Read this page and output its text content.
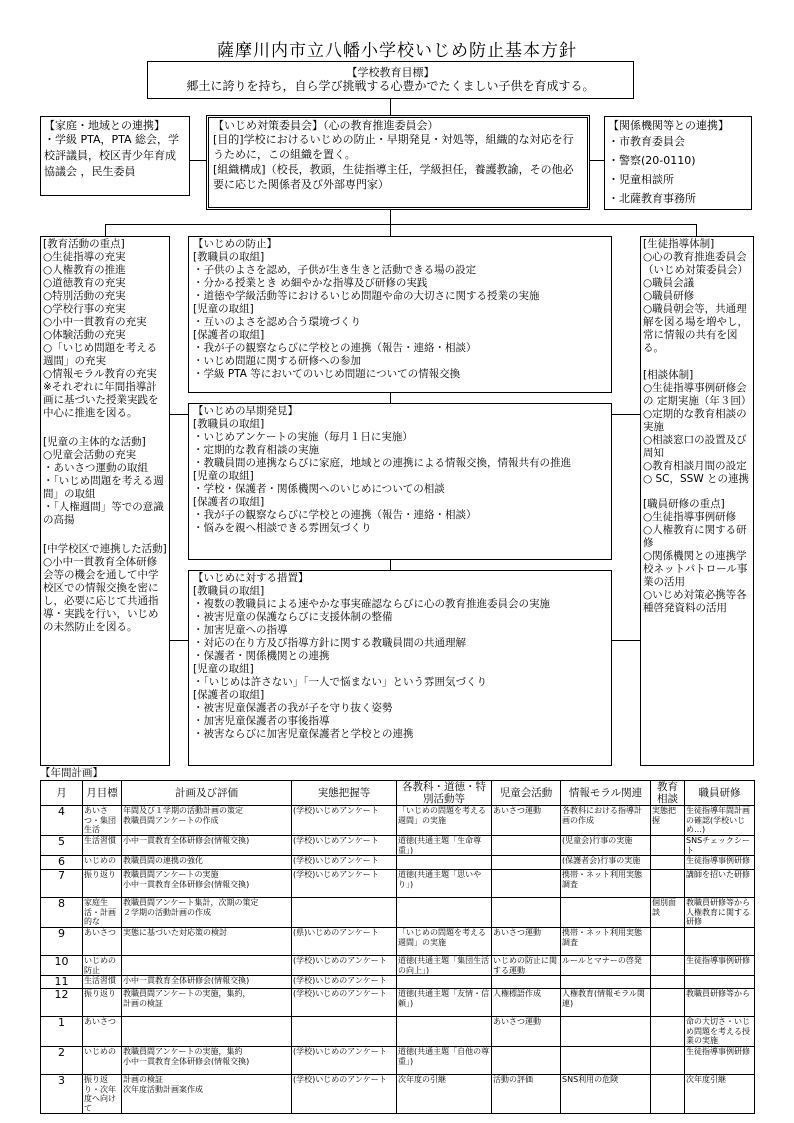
薩摩川内市立八幡小学校いじめ防止基本方針
【学校教育目標】
郷土に誇りを持ち，自ら学び挑戦する心豊かでたくましい子供を育成する。
【家庭・地域との連携】
・学級 PTA，PTA 総会，学校評議員，校区青少年育成協議会 ，民生委員
【いじめ対策委員会】（心の教育推進委員会）
[目的]学校におけるいじめの防止・早期発見・対処等，組織的な対応を行うために，この組織を置く。
[組織構成]（校長，教頭，生徒指導主任，学級担任，養護教諭，その他必要に応じた関係者及び外部専門家）
【関係機関等との連携】
・市教育委員会
・警察(20-0110)
・児童相談所
・北薩教育事務所
[教育活動の重点]
○生徒指導の充実
○人権教育の推進
○道徳教育の充実
○特別活動の充実
○学校行事の充実
○小中一貫教育の充実
○体験活動の充実
○「いじめ問題を考える週間」の充実
○情報モラル教育の充実
※それぞれに年間指導計画に基づいた授業実践を中心に推進を図る。
[児童の主体的な活動]
○児童会活動の充実
・あいさつ運動の取組
・「いじめ問題を考える週間」の取組
・「人権週間」等での意識の高揚
[中学校区で連携した活動]
○小中一貫教育全体研修会等の機会を通して中学校区での情報交換を密にし，必要に応じて共通指導・実践を行い，いじめの未然防止を図る。
【いじめの防止】
[教職員の取組]
・子供のよさを認め，子供が生き生きと活動できる場の設定
・分かる授業とき め細やかな指導及び研修の実践
・道徳や学級活動等におけるいじめ問題や命の大切さに関する授業の実施
[児童の取組]
・互いのよさを認め合う環境づくり
[保護者の取組]
・我が子の観察ならびに学校との連携（報告・連絡・相談）
・いじめ問題に関する研修への参加
・学級 PTA 等においてのいじめ問題についての情報交換
【いじめの早期発見】
[教職員の取組]
・いじめアンケートの実施（毎月１日に実施）
・定期的な教育相談の実施
・教職員間の連携ならびに家庭，地域との連携による情報交換，情報共有の推進
[児童の取組]
・学校・保護者・関係機関へのいじめについての相談
[保護者の取組]
・我が子の観察ならびに学校との連携（報告・連絡・相談）
・悩みを親へ相談できる雰囲気づくり
【いじめに対する措置】
[教職員の取組]
・複数の教職員による速やかな事実確認ならびに心の教育推進委員会の実施
・被害児童の保護ならびに支援体制の整備
・加害児童への指導
・対応の在り方及び指導方針に関する教職員間の共通理解
・保護者・関係機関との連携
[児童の取組]
・「いじめは許さない」「一人で悩まない」という雰囲気づくり
[保護者の取組]
・被害児童保護者の我が子を守り抜く姿勢
・加害児童保護者の事後指導
・被害ならびに加害児童保護者と学校との連携
[生徒指導体制]
○心の教育推進委員会（いじめ対策委員会）
○職員会議
○職員研修
○職員朝会等，共通理解を図る場を増やし，常に情報の共有を図る。
[相談体制]
○生徒指導事例研修会の 定期実施（年３回）
○定期的な教育相談の実施
○相談窓口の設置及び周知
○教育相談月間の設定
○ SC，SSW との連携
[職員研修の重点]
○生徒指導事例研修
○人権教育に関する研修
○関係機関との連携学校ネットパトロール事業の活用
○いじめ対策必携等各種啓発資料の活用
【年間計画】
月	月目標	計画及び評価	実態把握等	各教科・道徳・特別活動等	児童会活動	情報モラル関連	教育相談	職員研修
4	あいさつ・集団生活	年間及び１学期の活動計画の策定
教職員間アンケートの作成	(学校)いじめアンケート	「いじめの問題を考える週間」の実施	あいさつ運動	各教科における指導計画の作成	実態把握	生徒指導年間計画の確認(学校いじめ…)
5	生活習慣	小中一貫教育全体研修会(情報交換)	(学校)いじめアンケート	道徳(共通主題「生命尊重」)		(児童会)行事の実施		SNSチェックシート
6	いじめの	教職員間の連携の強化	(学校)いじめアンケート			(保護者会)行事の実施		生徒指導事例研修
7	振り返り	教職員間アンケートの実施
小中一貫教育全体研修会(情報交換)	(学校)いじめアンケート	道徳(共通主題「思いやり」)		携帯・ネット利用実態調査		講師を招いた研修
8	家庭生活・計画的な	教職員間アンケート集計，次期の策定
２学期の活動計画の作成					個別面談	教職員研修等から
人権教育に関する研修
9	あいさつ	実態に基づいた対応策の検討	(県)いじめのアンケート	「いじめの問題を考える週間」の実施	あいさつ運動	携帯・ネット利用実態調査		
10	いじめの防止		(学校)いじめのアンケート	道徳(共通主題「集団生活の向上」)	いじめの防止に関する運動	ルールとマナーの啓発		生徒指導事例研修
11	生活習慣	小中一貫教育全体研修会(情報交換)	(学校)いじめのアンケート					
12	振り返り	教職員間アンケートの実施，集約，
計画の検証	(学校)いじめのアンケート	道徳(共通主題「友情・信頼」)	人権標語作成	人権教育(情報モラル関連)		教職員研修等から
1	あいさつ				あいさつ運動			命の大切さ・いじめ問題を考える授業の実施
2	いじめの	教職員間アンケートの実施，集約
小中一貫教育全体研修会(情報交換)	(学校)いじめのアンケート	道徳(共通主題「自他の尊重」)				生徒指導事例研修
3	振り返り・次年度へ向けて	計画の検証
次年度活動計画案作成	(学校)いじめのアンケート	次年度の引継	活動の評価	SNS利用の危険		次年度引継
